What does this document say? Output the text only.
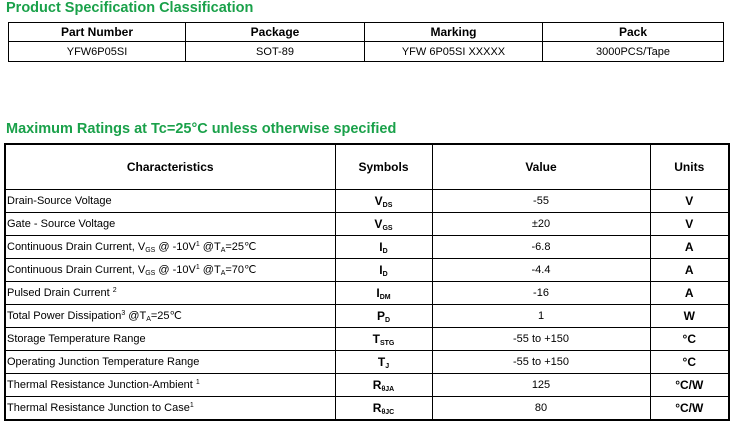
Product Specification Classification
Part Number	Package	Marking	Pack
YFW6P05SI	SOT-89	YFW 6P05SI XXXXX	3000PCS/Tape
Maximum Ratings at Tc=25°C unless otherwise specified
Characteristics	Symbols	Value	Units
Drain-Source Voltage	$V_{DS}$	-55	V
Gate - Source Voltage	$V_{GS}$	±20	V
Continuous Drain Current, $V_{GS}$ @ $-10V^1$ $@T_A=25℃$	$I_D$	-6.8	A
Continuous Drain Current, $V_{GS}$ @ $-10V^1$ $@T_A=70℃$	$I_D$	-4.4	A
Pulsed Drain Current $^2$	$I_{DM}$	-16	A
Total Power Dissipation$^3$ $@T_A=25℃$	$P_D$	1	W
Storage Temperature Range	$T_{STG}$	-55 to +150	°C
Operating Junction Temperature Range	$T_J$	-55 to +150	°C
Thermal Resistance Junction-Ambient $^1$	$R_{\theta JA}$	125	°C/W
Thermal Resistance Junction to Case$^1$	$R_{\theta JC}$	80	°C/W
